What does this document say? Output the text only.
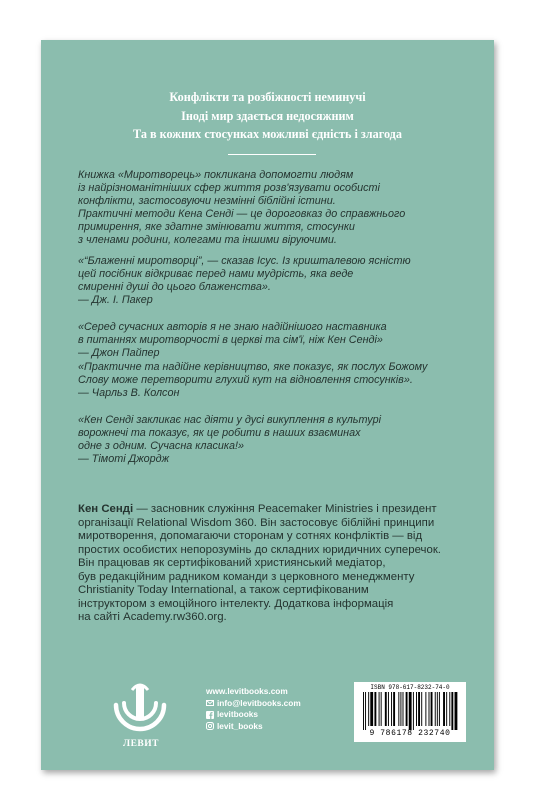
Конфлікти та розбіжності неминучі
Іноді мир здається недосяжним
Та в кожних стосунках можливі єдність і злагода
Книжка «Миротворець» покликана допомогти людям
із найрізноманітніших сфер життя розв'язувати особисті
конфлікти, застосовуючи незмінні біблійні істини.
Практичні методи Кена Сенді — це дороговказ до справжнього
примирення, яке здатне змінювати життя, стосунки
з членами родини, колегами та іншими віруючими.
«“Блаженні миротворці”, — сказав Ісус. Із кришталевою ясністю
цей посібник відкриває перед нами мудрість, яка веде
смиренні душі до цього блаженства».
— Дж. І. Пакер
«Серед сучасних авторів я не знаю надійнішого наставника
в питаннях миротворчості в церкві та сім'ї, ніж Кен Сенді»
— Джон Пайпер
«Практичне та надійне керівництво, яке показує, як послух Божому
Слову може перетворити глухий кут на відновлення стосунків».
— Чарльз В. Колсон
«Кен Сенді закликає нас діяти у дусі викуплення в культурі
ворожнечі та показує, як це робити в наших взаєминах
одне з одним. Сучасна класика!»
— Тімоті Джордж
Кен Сенді — засновник служіння Peacemaker Ministries і президент
організації Relational Wisdom 360. Він застосовує біблійні принципи
миротворення, допомагаючи сторонам у сотнях конфліктів — від
простих особистих непорозумінь до складних юридичних суперечок.
Він працював як сертифікований християнський медіатор,
був редакційним радником команди з церковного менеджменту
Christianity Today International, а також сертифікованим
інструктором з емоційного інтелекту. Додаткова інформація
на сайті Academy.rw360.org.
ЛЕВИТ
www.levitbooks.com
info@levitbooks.com
levitbooks
levit_books
ISBN 978-617-8232-74-0
9 786178 232740
